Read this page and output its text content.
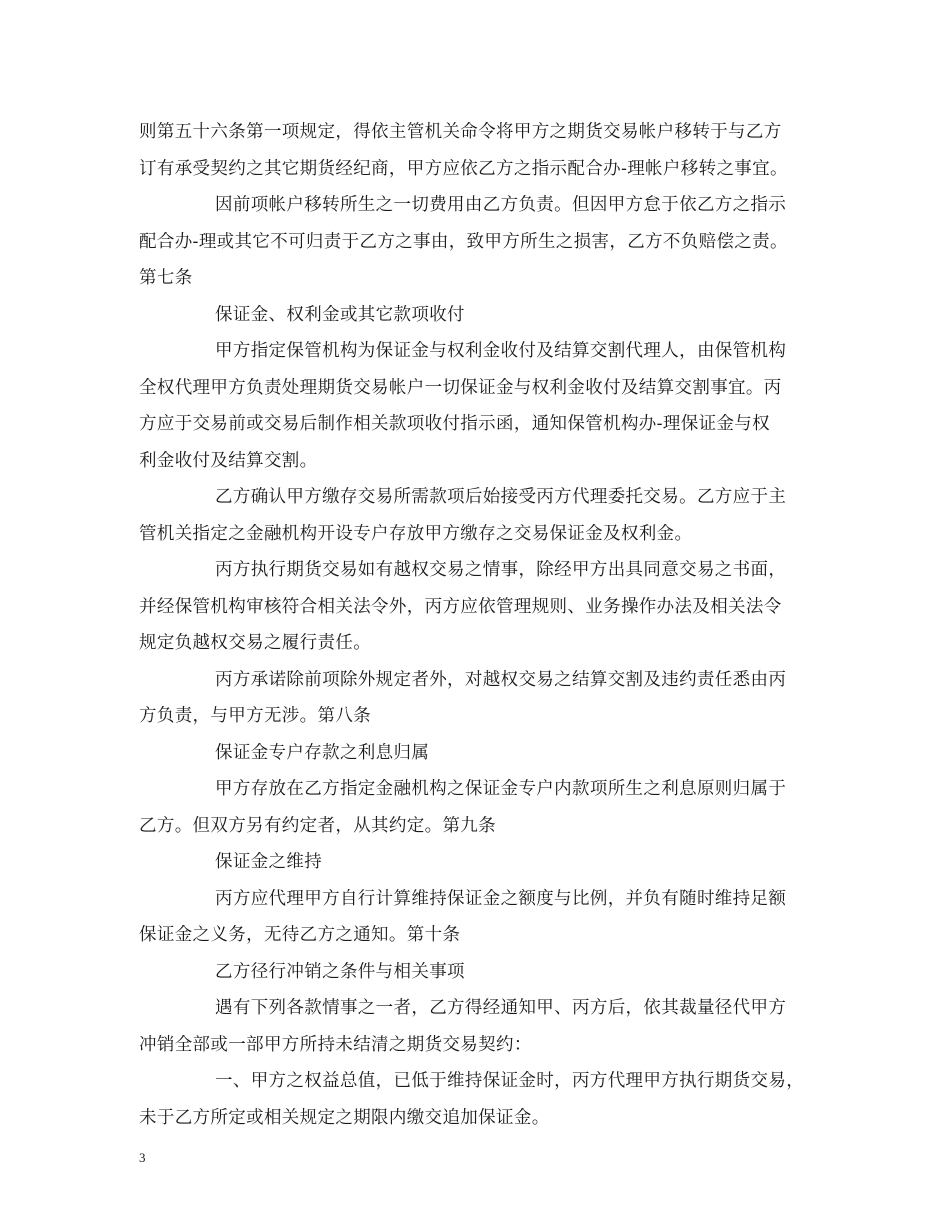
则第五十六条第一项规定，得依主管机关命令将甲方之期货交易帐户移转于与乙方
订有承受契约之其它期货经纪商，甲方应依乙方之指示配合办-理帐户移转之事宜。
因前项帐户移转所生之一切费用由乙方负责。但因甲方怠于依乙方之指示
配合办-理或其它不可归责于乙方之事由，致甲方所生之损害，乙方不负赔偿之责。
第七条
保证金、权利金或其它款项收付
甲方指定保管机构为保证金与权利金收付及结算交割代理人，由保管机构
全权代理甲方负责处理期货交易帐户一切保证金与权利金收付及结算交割事宜。丙
方应于交易前或交易后制作相关款项收付指示函，通知保管机构办-理保证金与权
利金收付及结算交割。
乙方确认甲方缴存交易所需款项后始接受丙方代理委托交易。乙方应于主
管机关指定之金融机构开设专户存放甲方缴存之交易保证金及权利金。
丙方执行期货交易如有越权交易之情事，除经甲方出具同意交易之书面，
并经保管机构审核符合相关法令外，丙方应依管理规则、业务操作办法及相关法令
规定负越权交易之履行责任。
丙方承诺除前项除外规定者外，对越权交易之结算交割及违约责任悉由丙
方负责，与甲方无涉。第八条
保证金专户存款之利息归属
甲方存放在乙方指定金融机构之保证金专户内款项所生之利息原则归属于
乙方。但双方另有约定者，从其约定。第九条
保证金之维持
丙方应代理甲方自行计算维持保证金之额度与比例，并负有随时维持足额
保证金之义务，无待乙方之通知。第十条
乙方径行冲销之条件与相关事项
遇有下列各款情事之一者，乙方得经通知甲、丙方后，依其裁量径代甲方
冲销全部或一部甲方所持未结清之期货交易契约：
一、甲方之权益总值，已低于维持保证金时，丙方代理甲方执行期货交易，
未于乙方所定或相关规定之期限内缴交追加保证金。
3
